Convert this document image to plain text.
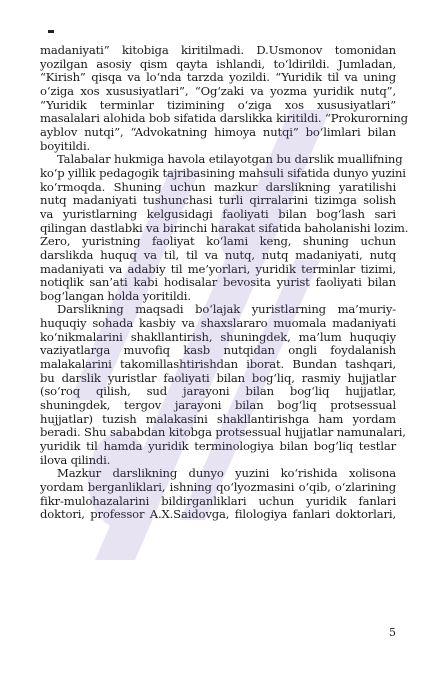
madaniyati” kitobiga kiritilmadi. D.Usmonov tomonidan
yozilgan asosiy qism qayta ishlandi, to‘ldirildi. Jumladan,
“Kirish” qisqa va lo‘nda tarzda yozildi. “Yuridik til va uning
o‘ziga xos xususiyatlari”, “Og‘zaki va yozma yuridik nutq”,
“Yuridik terminlar tizimining o‘ziga xos xususiyatlari”
masalalari alohida bob sifatida darslikka kiritildi. “Prokurorning
ayblov nutqi”, “Advokatning himoya nutqi” bo‘limlari bilan
boyitildi.
Talabalar hukmiga havola etilayotgan bu darslik muallifning
ko‘p yillik pedagogik tajribasining mahsuli sifatida dunyo yuzini
ko‘rmoqda. Shuning uchun mazkur darslikning yaratilishi
nutq madaniyati tushunchasi turli qirralarini tizimga solish
va yuristlarning kelgusidagi faoliyati bilan bog‘lash sari
qilingan dastlabki va birinchi harakat sifatida baholanishi lozim.
Zero, yuristning faoliyat ko‘lami keng, shuning uchun
darslikda huquq va til, til va nutq, nutq madaniyati, nutq
madaniyati va adabiy til me’yorlari, yuridik terminlar tizimi,
notiqlik san’ati kabi hodisalar bevosita yurist faoliyati bilan
bog‘langan holda yoritildi.
Darslikning maqsadi bo‘lajak yuristlarning ma’muriy-
huquqiy sohada kasbiy va shaxslararo muomala madaniyati
ko‘nikmalarini shakllantirish, shuningdek, ma’lum huquqiy
vaziyatlarga muvofiq kasb nutqidan ongli foydalanish
malakalarini takomillashtirishdan iborat. Bundan tashqari,
bu darslik yuristlar faoliyati bilan bog‘liq, rasmiy hujjatlar
(so‘roq qilish, sud jarayoni bilan bog‘liq hujjatlar,
shuningdek, tergov jarayoni bilan bog‘liq protsessual
hujjatlar) tuzish malakasini shakllantirishga ham yordam
beradi. Shu sababdan kitobga protsessual hujjatlar namunalari,
yuridik til hamda yuridik terminologiya bilan bog‘liq testlar
ilova qilindi.
Mazkur darslikning dunyo yuzini ko‘rishida xolisona
yordam berganliklari, ishning qo‘lyozmasini o‘qib, o‘zlarining
fikr-mulohazalarini bildirganliklari uchun yuridik fanlari
doktori, professor A.X.Saidovga, filologiya fanlari doktorlari,
5
